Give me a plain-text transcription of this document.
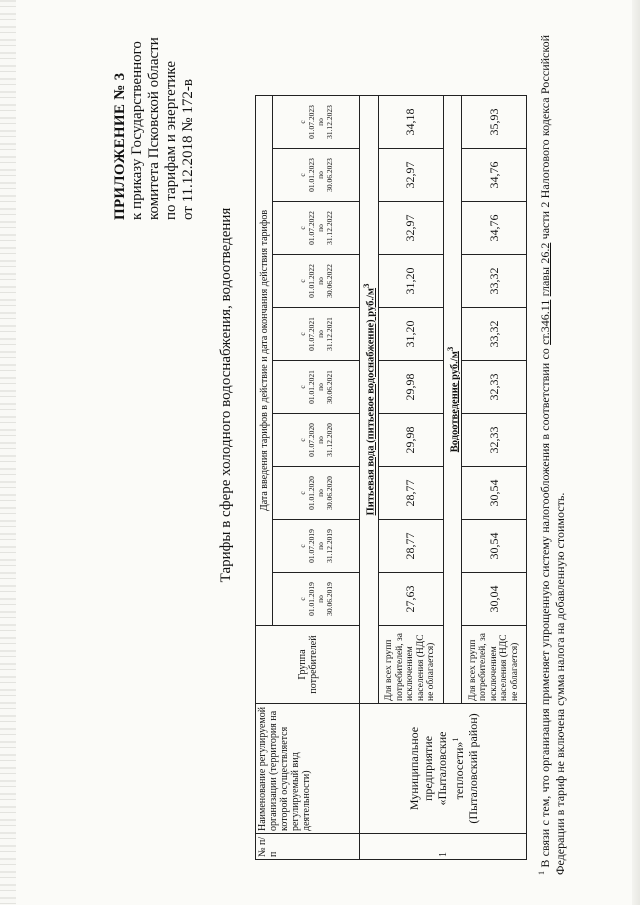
ПРИЛОЖЕНИЕ № 3 к приказу Государственного комитета Псковской области по тарифам и энергетике от 11.12.2018 № 172-в
Тарифы в сфере холодного водоснабжения, водоотведения
№ п/п	Наименование регулируемой организации (территория на которой осуществляется регулируемый вид деятельности)	Группа потребителей	Дата введения тарифов в действие и дата окончания действия тарифов									
			с
01.01.2019
по
30.06.2019	с
01.07.2019
по
31.12.2019	с
01.01.2020
по
30.06.2020	с
01.07.2020
по
31.12.2020	с
01.01.2021
по
30.06.2021	с
01.07.2021
по
31.12.2021	с
01.01.2022
по
30.06.2022	с
01.07.2022
по
31.12.2022	с
01.01.2023
по
30.06.2023	с
01.07.2023
по
31.12.2023
1	Муниципальное предприятие «Пыталовские теплосети»$^1$ (Пыталовский район)	Питьевая вода (питьевое водоснабжение) $руб./м^3$
		Для всех групп потребителей, за исключением населения (НДС не облагается)	27,63	28,77	28,77	29,98	29,98	31,20	31,20	32,97	32,97	34,18
		Водоотведение $руб./м^3$
		Для всех групп потребителей, за исключением населения (НДС не облагается)	30,04	30,54	30,54	32,33	32,33	33,32	33,32	34,76	34,76	35,93
$^1$ В связи с тем, что организация применяет упрощенную систему налогообложения в соответствии со ст.346.11 главы 26.2 части 2 Налогового кодекса Российской Федерации в тариф не включена сумма налога на добавленную стоимость.
